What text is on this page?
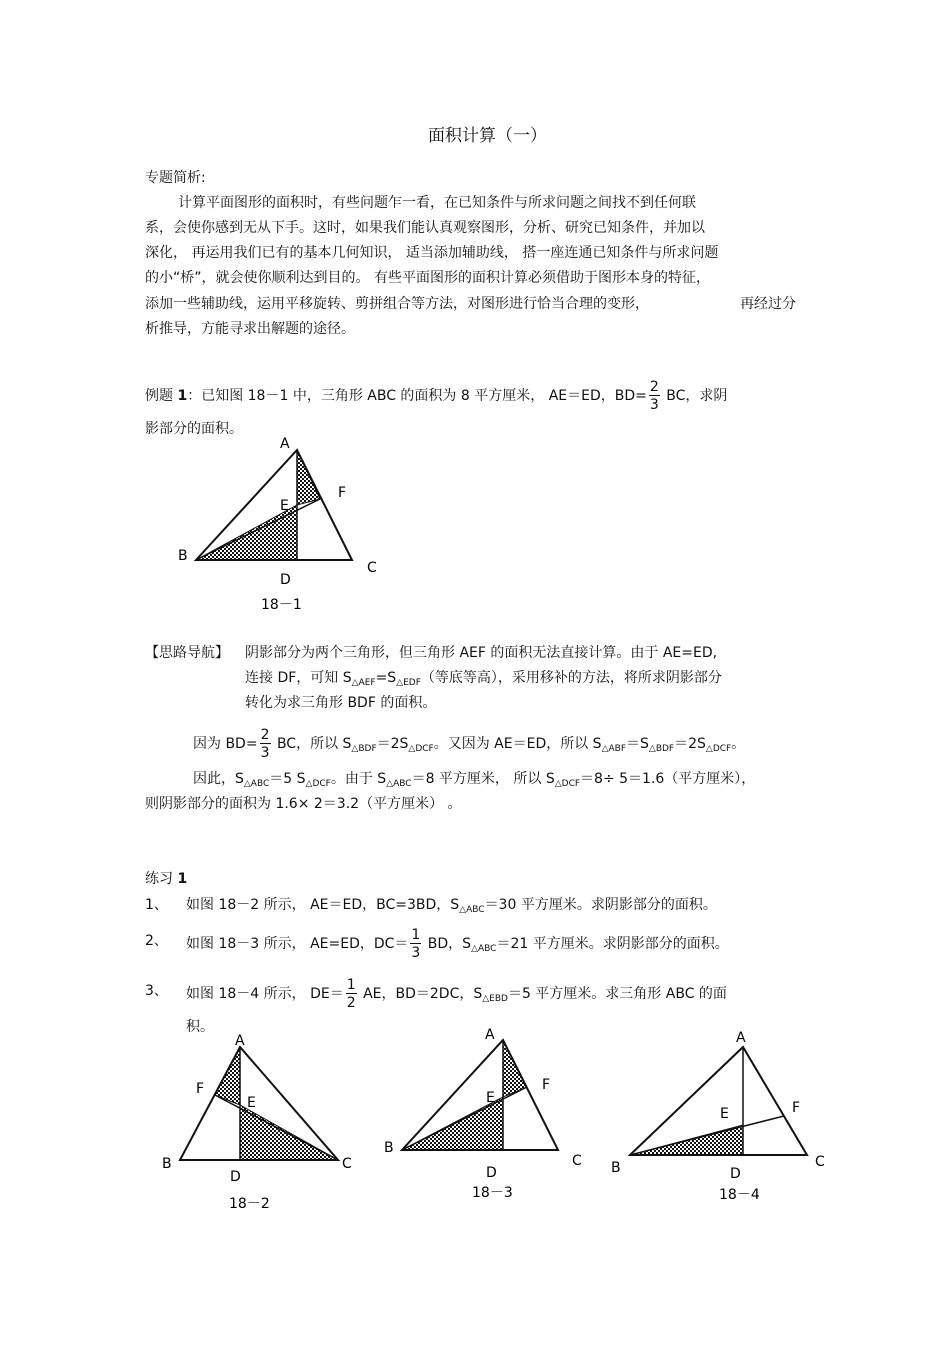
面积计算（一）
专题简析:
计算平面图形的面积时，有些问题乍一看，在已知条件与所求问题之间找不到任何联
系，会使你感到无从下手。这时，如果我们能认真观察图形，分析、研究已知条件，并加以
深化， 再运用我们已有的基本几何知识， 适当添加辅助线， 搭一座连通已知条件与所求问题
的小“桥”，就会使你顺利达到目的。 有些平面图形的面积计算必须借助于图形本身的特征，
添加一些辅助线，运用平移旋转、剪拼组合等方法，对图形进行恰当合理的变形，	再经过分
析推导，方能寻求出解题的途径。
例题 1：已知图 18－1 中，三角形 ABC 的面积为 8 平方厘米， AE＝ED，$BD= \frac{2}{3}$ BC，求阴
影部分的面积。
A
B
C
D
E
F
18－1
【思路导航】 阴影部分为两个三角形，但三角形 AEF 的面积无法直接计算。由于 AE=ED,
连接 DF，可知 $S_{\triangle AEF}=S_{\triangle EDF}$（等底等高），采用移补的方法，将所求阴影部分
转化为求三角形 BDF 的面积。
因为 $BD= \frac{2}{3}$ BC，所以 $S_{\triangle BDF}=2S_{\triangle DCF}$。又因为 AE＝ED，所以 $S_{\triangle ABF}=S_{\triangle BDF}=2S_{\triangle DCF}$。
因此，$S_{\triangle ABC}=5$ $S_{\triangle DCF}$。由于 $S_{\triangle ABC}=8$ 平方厘米， 所以 $S_{\triangle DCF}=8\div 5=1.6$（平方厘米），
则阴影部分的面积为 1.6× 2＝3.2（平方厘米） 。
练习 1
1、 如图 18－2 所示， AE＝ED，BC=3BD，$S_{\triangle ABC}=30$ 平方厘米。求阴影部分的面积。
2、 如图 18－3 所示， AE=ED，$DC= \frac{1}{3}$ BD，$S_{\triangle ABC}=21$ 平方厘米。求阴影部分的面积。
3、 如图 18－4 所示， $DE= \frac{1}{2}$ AE，BD＝2DC，$S_{\triangle EBD}=5$ 平方厘米。求三角形 ABC 的面
积。
A
B	C
D
E
F
18－2
A
B
C
D
E
F
18－3
A
B	C
D
E	F
18－4
